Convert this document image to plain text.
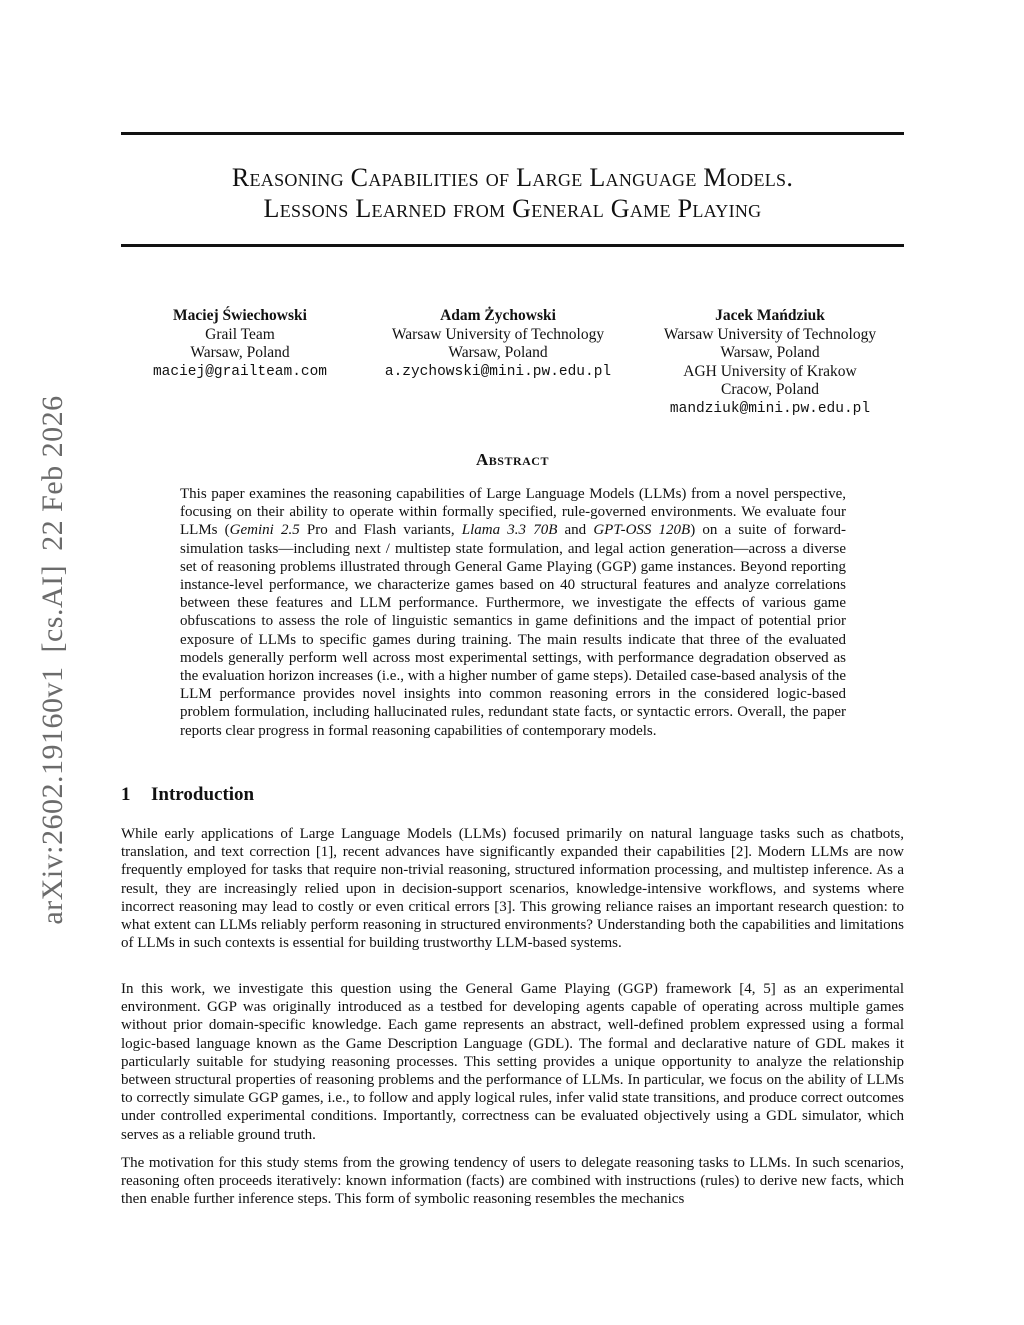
arXiv:2602.19160v1[cs.AI]22 Feb 2026
Reasoning Capabilities of Large Language Models.
Lessons Learned from General Game Playing
Maciej Świechowski
Grail Team
Warsaw, Poland
maciej@grailteam.com
Adam Żychowski
Warsaw University of Technology
Warsaw, Poland
a.zychowski@mini.pw.edu.pl
Jacek Mańdziuk
Warsaw University of Technology
Warsaw, Poland
AGH University of Krakow
Cracow, Poland
mandziuk@mini.pw.edu.pl
Abstract

This paper examines the reasoning capabilities of Large Language Models (LLMs) from a novel perspective, focusing on their ability to operate within formally specified, rule-governed environments. We evaluate four LLMs (Gemini 2.5 Pro and Flash variants, Llama 3.3 70B and GPT-OSS 120B) on a suite of forward-simulation tasks—including next / multistep state formulation, and legal action generation—across a diverse set of reasoning problems illustrated through General Game Playing (GGP) game instances. Beyond reporting instance-level performance, we characterize games based on 40 structural features and analyze correlations between these features and LLM performance. Furthermore, we investigate the effects of various game obfuscations to assess the role of linguistic semantics in game definitions and the impact of potential prior exposure of LLMs to specific games during training. The main results indicate that three of the evaluated models generally perform well across most experimental settings, with performance degradation observed as the evaluation horizon increases (i.e., with a higher number of game steps). Detailed case-based analysis of the LLM performance provides novel insights into common reasoning errors in the considered logic-based problem formulation, including hallucinated rules, redundant state facts, or syntactic errors. Overall, the paper reports clear progress in formal reasoning capabilities of contemporary models.

1 Introduction

While early applications of Large Language Models (LLMs) focused primarily on natural language tasks such as chatbots, translation, and text correction [1], recent advances have significantly expanded their capabilities [2]. Modern LLMs are now frequently employed for tasks that require non-trivial reasoning, structured information processing, and multistep inference. As a result, they are increasingly relied upon in decision-support scenarios, knowledge-intensive workflows, and systems where incorrect reasoning may lead to costly or even critical errors [3]. This growing reliance raises an important research question: to what extent can LLMs reliably perform reasoning in structured environments? Understanding both the capabilities and limitations of LLMs in such contexts is essential for building trustworthy LLM-based systems.

In this work, we investigate this question using the General Game Playing (GGP) framework [4, 5] as an experimental environment. GGP was originally introduced as a testbed for developing agents capable of operating across multiple games without prior domain-specific knowledge. Each game represents an abstract, well-defined problem expressed using a formal logic-based language known as the Game Description Language (GDL). The formal and declarative nature of GDL makes it particularly suitable for studying reasoning processes. This setting provides a unique opportunity to analyze the relationship between structural properties of reasoning problems and the performance of LLMs. In particular, we focus on the ability of LLMs to correctly simulate GGP games, i.e., to follow and apply logical rules, infer valid state transitions, and produce correct outcomes under controlled experimental conditions. Importantly, correctness can be evaluated objectively using a GDL simulator, which serves as a reliable ground truth.

The motivation for this study stems from the growing tendency of users to delegate reasoning tasks to LLMs. In such scenarios, reasoning often proceeds iteratively: known information (facts) are combined with instructions (rules) to derive new facts, which then enable further inference steps. This form of symbolic reasoning resembles the mechanics
